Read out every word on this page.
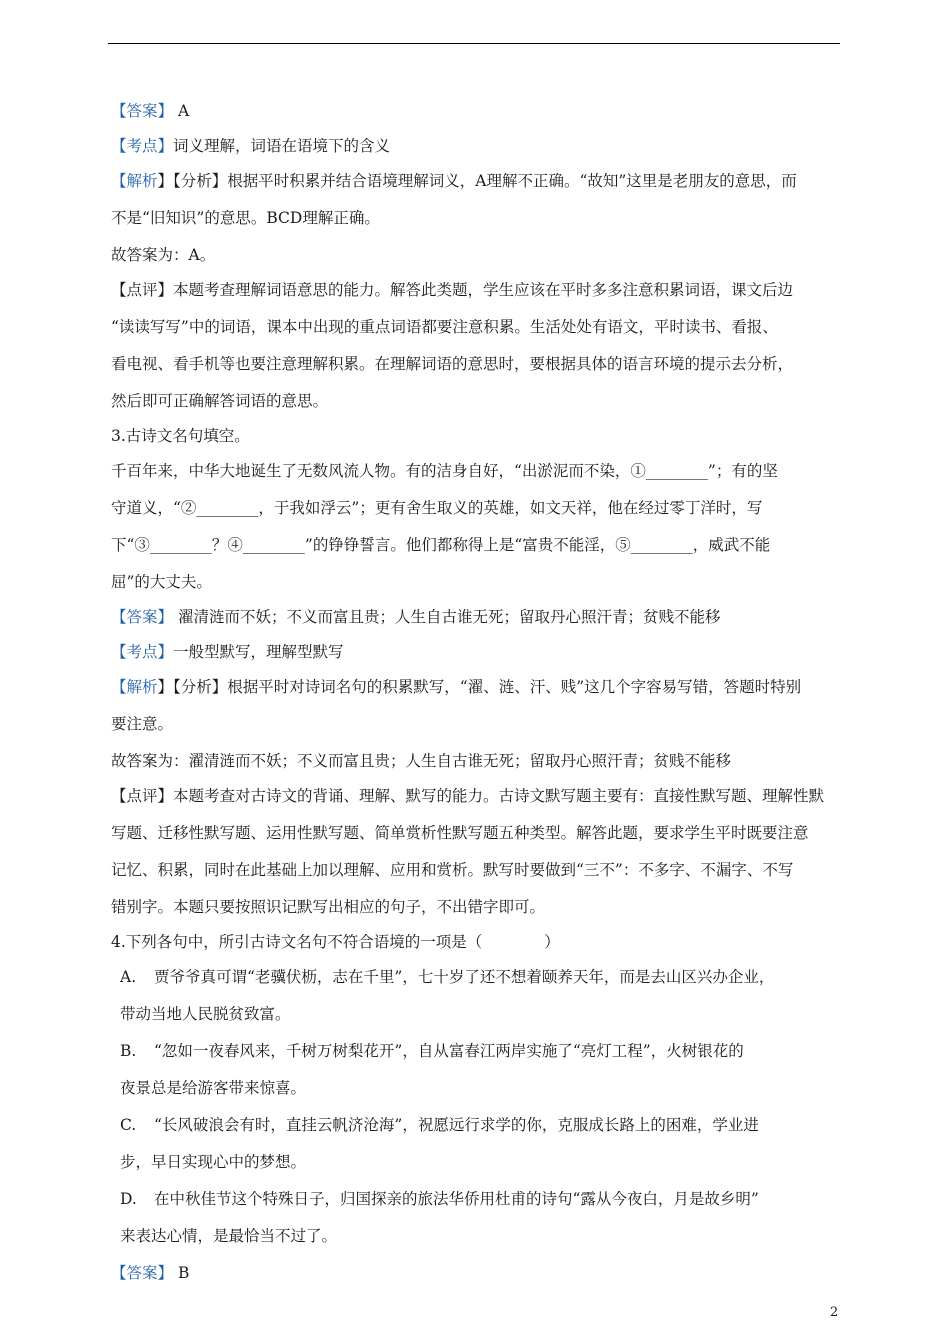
【答案】 A
【考点】词义理解，词语在语境下的含义
【解析】【分析】根据平时积累并结合语境理解词义，A理解不正确。“故知”这里是老朋友的意思，而
不是“旧知识”的意思。BCD理解正确。
故答案为：A。
【点评】本题考查理解词语意思的能力。解答此类题，学生应该在平时多多注意积累词语，课文后边
“读读写写”中的词语，课本中出现的重点词语都要注意积累。生活处处有语文，平时读书、看报、
看电视、看手机等也要注意理解积累。在理解词语的意思时，要根据具体的语言环境的提示去分析，
然后即可正确解答词语的意思。
3.古诗文名句填空。
千百年来，中华大地诞生了无数风流人物。有的洁身自好，“出淤泥而不染，①________”；有的坚
守道义，“②________，于我如浮云”；更有舍生取义的英雄，如文天祥，他在经过零丁洋时，写
下“③________？④________”的铮铮誓言。他们都称得上是“富贵不能淫，⑤________，威武不能
屈”的大丈夫。
【答案】 濯清涟而不妖；不义而富且贵；人生自古谁无死；留取丹心照汗青；贫贱不能移
【考点】一般型默写，理解型默写
【解析】【分析】根据平时对诗词名句的积累默写，“濯、涟、汗、贱”这几个字容易写错，答题时特别
要注意。
故答案为：濯清涟而不妖；不义而富且贵；人生自古谁无死；留取丹心照汗青；贫贱不能移
【点评】本题考查对古诗文的背诵、理解、默写的能力。古诗文默写题主要有：直接性默写题、理解性默
写题、迁移性默写题、运用性默写题、简单赏析性默写题五种类型。解答此题，要求学生平时既要注意
记忆、积累，同时在此基础上加以理解、应用和赏析。默写时要做到“三不”：不多字、不漏字、不写
错别字。本题只要按照识记默写出相应的句子，不出错字即可。
4.下列各句中，所引古诗文名句不符合语境的一项是（　　　　）
A. 贾爷爷真可谓“老骥伏枥，志在千里”，七十岁了还不想着颐养天年，而是去山区兴办企业，
带动当地人民脱贫致富。
B. “忽如一夜春风来，千树万树梨花开”，自从富春江两岸实施了“亮灯工程”，火树银花的
夜景总是给游客带来惊喜。
C. “长风破浪会有时，直挂云帆济沧海”，祝愿远行求学的你，克服成长路上的困难，学业进
步，早日实现心中的梦想。
D. 在中秋佳节这个特殊日子，归国探亲的旅法华侨用杜甫的诗句“露从今夜白，月是故乡明”
来表达心情，是最恰当不过了。
【答案】 B
2
